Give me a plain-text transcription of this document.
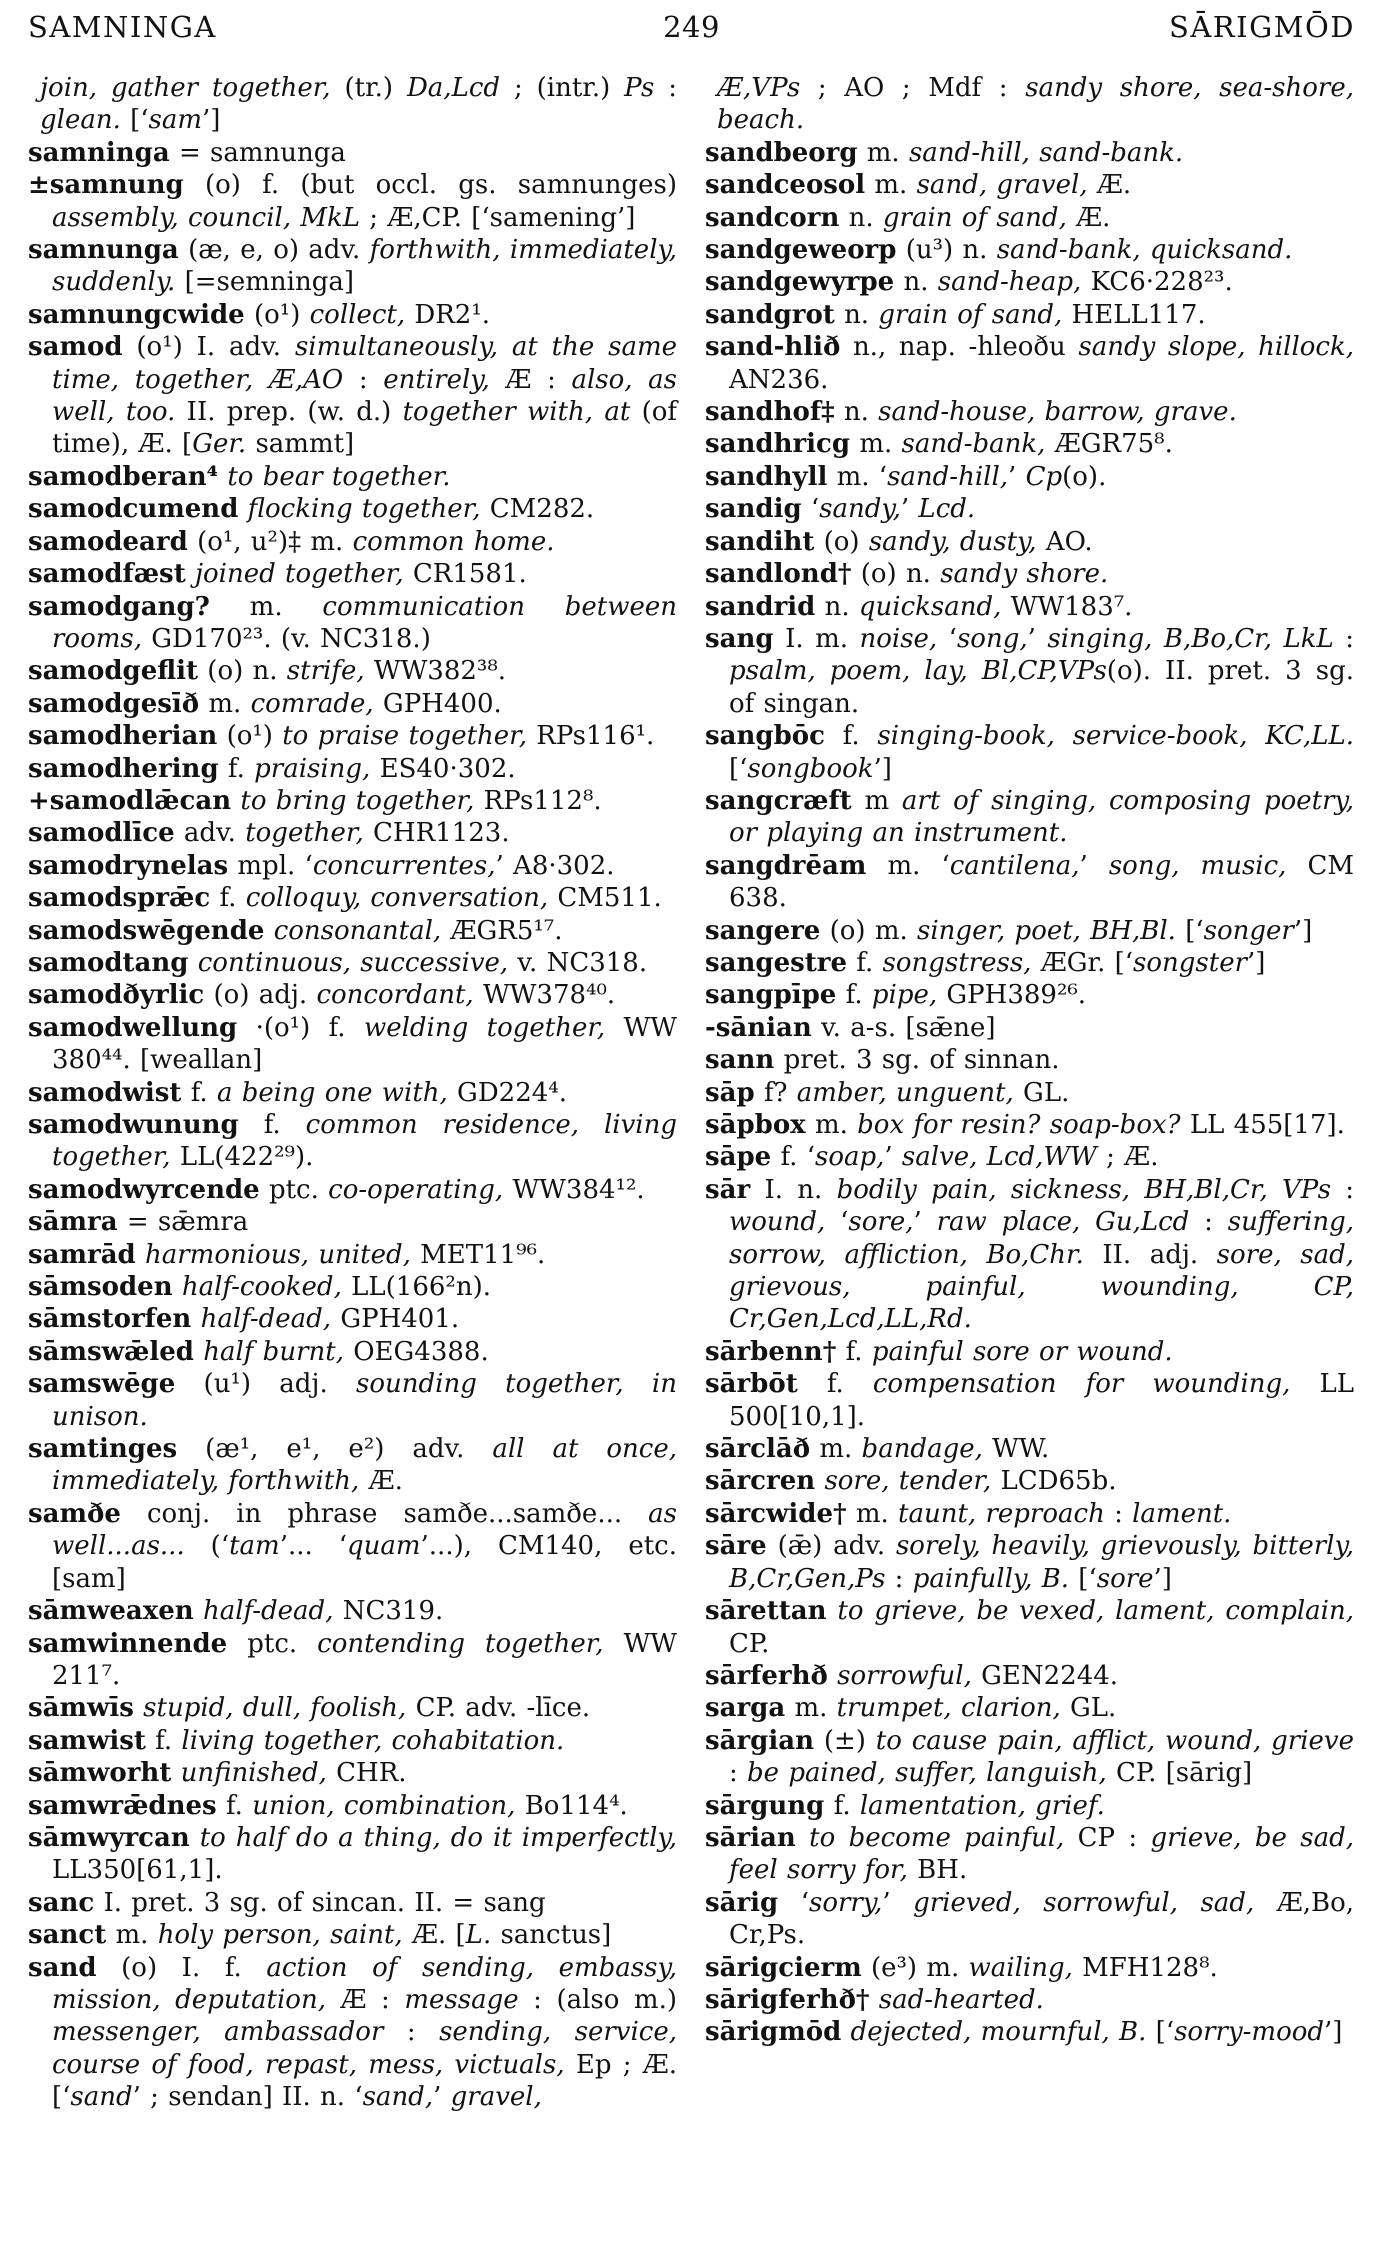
SAMNINGA	249	SĀRIGMŌD

join, gather together, (tr.) Da,Lcd ; (intr.) Ps : glean. [‘sam’]

samninga = samnunga

±samnung (o) f. (but occl. gs. samnunges) assembly, council, MkL ; Æ,CP. [‘samening’]

samnunga (æ, e, o) adv. forthwith, immediately, suddenly. [=semninga]

samnungcwide (o¹) collect, DR2¹.

samod (o¹) I. adv. simultaneously, at the same time, together, Æ,AO : entirely, Æ : also, as well, too. II. prep. (w. d.) together with, at (of time), Æ. [Ger. sammt]

samodberan⁴ to bear together.

samodcumend flocking together, CM282.

samodeard (o¹, u²)‡ m. common home.

samodfæst joined together, CR1581.

samodgang? m. communication between rooms, GD170²³. (v. NC318.)

samodgeflit (o) n. strife, WW382³⁸.

samodgesīð m. comrade, GPH400.

samodherian (o¹) to praise together, RPs116¹.

samodhering f. praising, ES40·302.

+samodlǣcan to bring together, RPs112⁸.

samodlīce adv. together, CHR1123.

samodrynelas mpl. ‘concurrentes,’ A8·302.

samodsprǣc f. colloquy, conversation, CM511.

samodswēgende consonantal, ÆGR5¹⁷.

samodtang continuous, successive, v. NC318.

samodðyrlic (o) adj. concordant, WW378⁴⁰.

samodwellung ·(o¹) f. welding together, WW 380⁴⁴. [weallan]

samodwist f. a being one with, GD224⁴.

samodwunung f. common residence, living together, LL(422²⁹).

samodwyrcende ptc. co-operating, WW384¹².

sāmra = sǣmra

samrād harmonious, united, MET11⁹⁶.

sāmsoden half-cooked, LL(166²n).

sāmstorfen half-dead, GPH401.

sāmswǣled half burnt, OEG4388.

samswēge (u¹) adj. sounding together, in unison.

samtinges (æ¹, e¹, e²) adv. all at once, immediately, forthwith, Æ.

samðe conj. in phrase samðe...samðe... as well...as... (‘tam’... ‘quam’...), CM140, etc. [sam]

sāmweaxen half-dead, NC319.

samwinnende ptc. contending together, WW 211⁷.

sāmwīs stupid, dull, foolish, CP. adv. -līce.

samwist f. living together, cohabitation.

sāmworht unfinished, CHR.

samwrǣdnes f. union, combination, Bo114⁴.

sāmwyrcan to half do a thing, do it imperfectly, LL350[61,1].

sanc I. pret. 3 sg. of sincan. II. = sang

sanct m. holy person, saint, Æ. [L. sanctus]

sand (o) I. f. action of sending, embassy, mission, deputation, Æ : message : (also m.) messenger, ambassador : sending, service, course of food, repast, mess, victuals, Ep ; Æ. [‘sand’ ; sendan] II. n. ‘sand,’ gravel,

Æ,VPs ; AO ; Mdf : sandy shore, sea-shore, beach.

sandbeorg m. sand-hill, sand-bank.

sandceosol m. sand, gravel, Æ.

sandcorn n. grain of sand, Æ.

sandgeweorp (u³) n. sand-bank, quicksand.

sandgewyrpe n. sand-heap, KC6·228²³.

sandgrot n. grain of sand, HELL117.

sand-hlið n., nap. -hleoðu sandy slope, hillock, AN236.

sandhof‡ n. sand-house, barrow, grave.

sandhricg m. sand-bank, ÆGR75⁸.

sandhyll m. ‘sand-hill,’ Cp(o).

sandig ‘sandy,’ Lcd.

sandiht (o) sandy, dusty, AO.

sandlond† (o) n. sandy shore.

sandrid n. quicksand, WW183⁷.

sang I. m. noise, ‘song,’ singing, B,Bo,Cr, LkL : psalm, poem, lay, Bl,CP,VPs(o). II. pret. 3 sg. of singan.

sangbōc f. singing-book, service-book, KC,LL. [‘songbook’]

sangcræft m art of singing, composing poetry, or playing an instrument.

sangdrēam m. ‘cantilena,’ song, music, CM 638.

sangere (o) m. singer, poet, BH,Bl. [‘songer’]

sangestre f. songstress, ÆGr. [‘songster’]

sangpīpe f. pipe, GPH389²⁶.

-sānian v. a-s. [sǣne]

sann pret. 3 sg. of sinnan.

sāp f? amber, unguent, GL.

sāpbox m. box for resin? soap-box? LL 455[17].

sāpe f. ‘soap,’ salve, Lcd,WW ; Æ.

sār I. n. bodily pain, sickness, BH,Bl,Cr, VPs : wound, ‘sore,’ raw place, Gu,Lcd : suffering, sorrow, affliction, Bo,Chr. II. adj. sore, sad, grievous, painful, wounding, CP, Cr,Gen,Lcd,LL,Rd.

sārbenn† f. painful sore or wound.

sārbōt f. compensation for wounding, LL 500[10,1].

sārclāð m. bandage, WW.

sārcren sore, tender, LCD65b.

sārcwide† m. taunt, reproach : lament.

sāre (ǣ) adv. sorely, heavily, grievously, bitterly, B,Cr,Gen,Ps : painfully, B. [‘sore’]

sārettan to grieve, be vexed, lament, complain, CP.

sārferhð sorrowful, GEN2244.

sarga m. trumpet, clarion, GL.

sārgian (±) to cause pain, afflict, wound, grieve : be pained, suffer, languish, CP. [sārig]

sārgung f. lamentation, grief.

sārian to become painful, CP : grieve, be sad, feel sorry for, BH.

sārig ‘sorry,’ grieved, sorrowful, sad, Æ,Bo, Cr,Ps.

sārigcierm (e³) m. wailing, MFH128⁸.

sārigferhð† sad-hearted.

sārigmōd dejected, mournful, B. [‘sorry-mood’]
